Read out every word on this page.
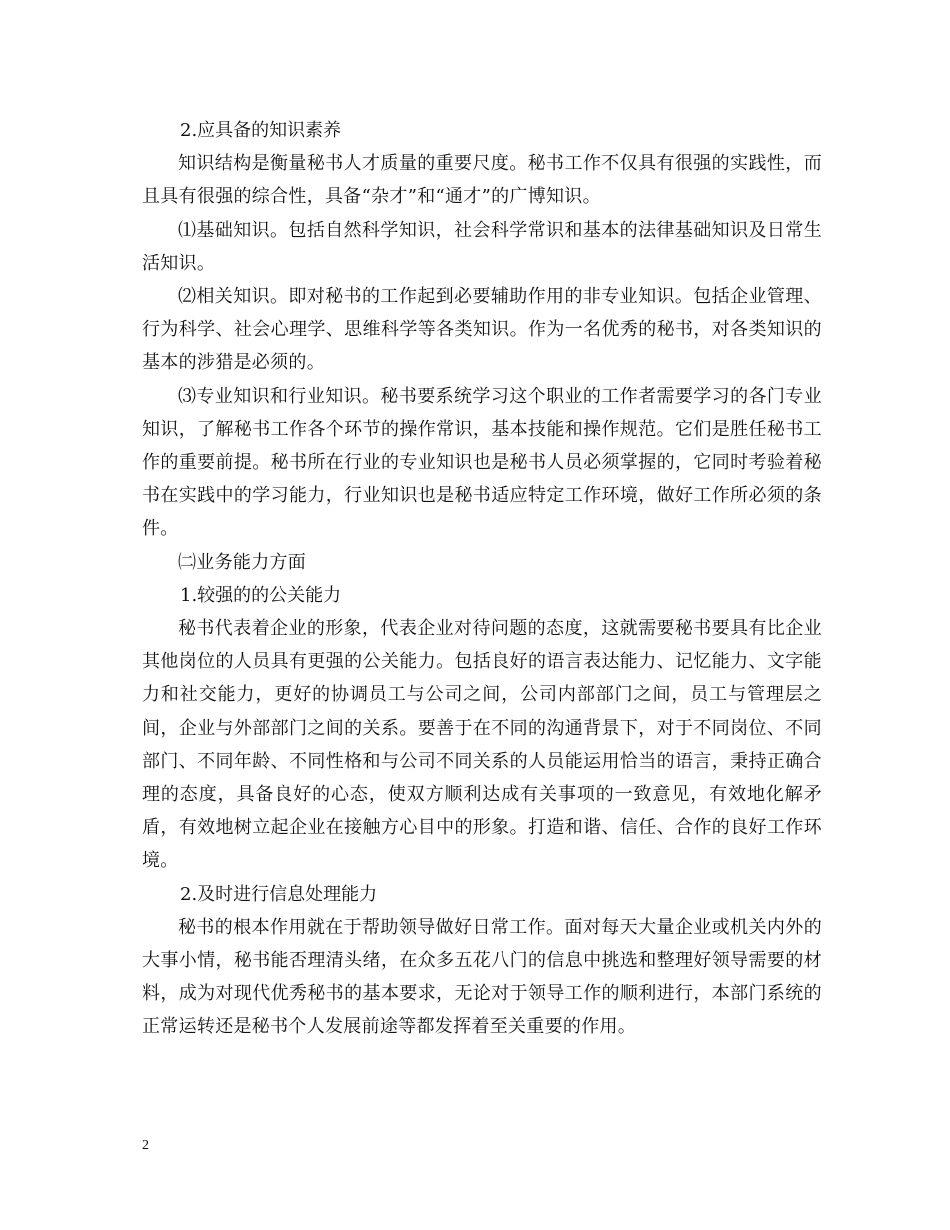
2.应具备的知识素养

知识结构是衡量秘书人才质量的重要尺度。秘书工作不仅具有很强的实践性，而且具有很强的综合性，具备“杂才”和“通才”的广博知识。

⑴基础知识。包括自然科学知识，社会科学常识和基本的法律基础知识及日常生活知识。

⑵相关知识。即对秘书的工作起到必要辅助作用的非专业知识。包括企业管理、行为科学、社会心理学、思维科学等各类知识。作为一名优秀的秘书，对各类知识的基本的涉猎是必须的。

⑶专业知识和行业知识。秘书要系统学习这个职业的工作者需要学习的各门专业知识，了解秘书工作各个环节的操作常识，基本技能和操作规范。它们是胜任秘书工作的重要前提。秘书所在行业的专业知识也是秘书人员必须掌握的，它同时考验着秘书在实践中的学习能力，行业知识也是秘书适应特定工作环境，做好工作所必须的条件。

㈡业务能力方面

1.较强的的公关能力

秘书代表着企业的形象，代表企业对待问题的态度，这就需要秘书要具有比企业其他岗位的人员具有更强的公关能力。包括良好的语言表达能力、记忆能力、文字能力和社交能力，更好的协调员工与公司之间，公司内部部门之间，员工与管理层之间，企业与外部部门之间的关系。要善于在不同的沟通背景下，对于不同岗位、不同部门、不同年龄、不同性格和与公司不同关系的人员能运用恰当的语言，秉持正确合理的态度，具备良好的心态，使双方顺利达成有关事项的一致意见，有效地化解矛盾，有效地树立起企业在接触方心目中的形象。打造和谐、信任、合作的良好工作环境。

2.及时进行信息处理能力

秘书的根本作用就在于帮助领导做好日常工作。面对每天大量企业或机关内外的大事小情，秘书能否理清头绪，在众多五花八门的信息中挑选和整理好领导需要的材料，成为对现代优秀秘书的基本要求，无论对于领导工作的顺利进行，本部门系统的正常运转还是秘书个人发展前途等都发挥着至关重要的作用。

2
